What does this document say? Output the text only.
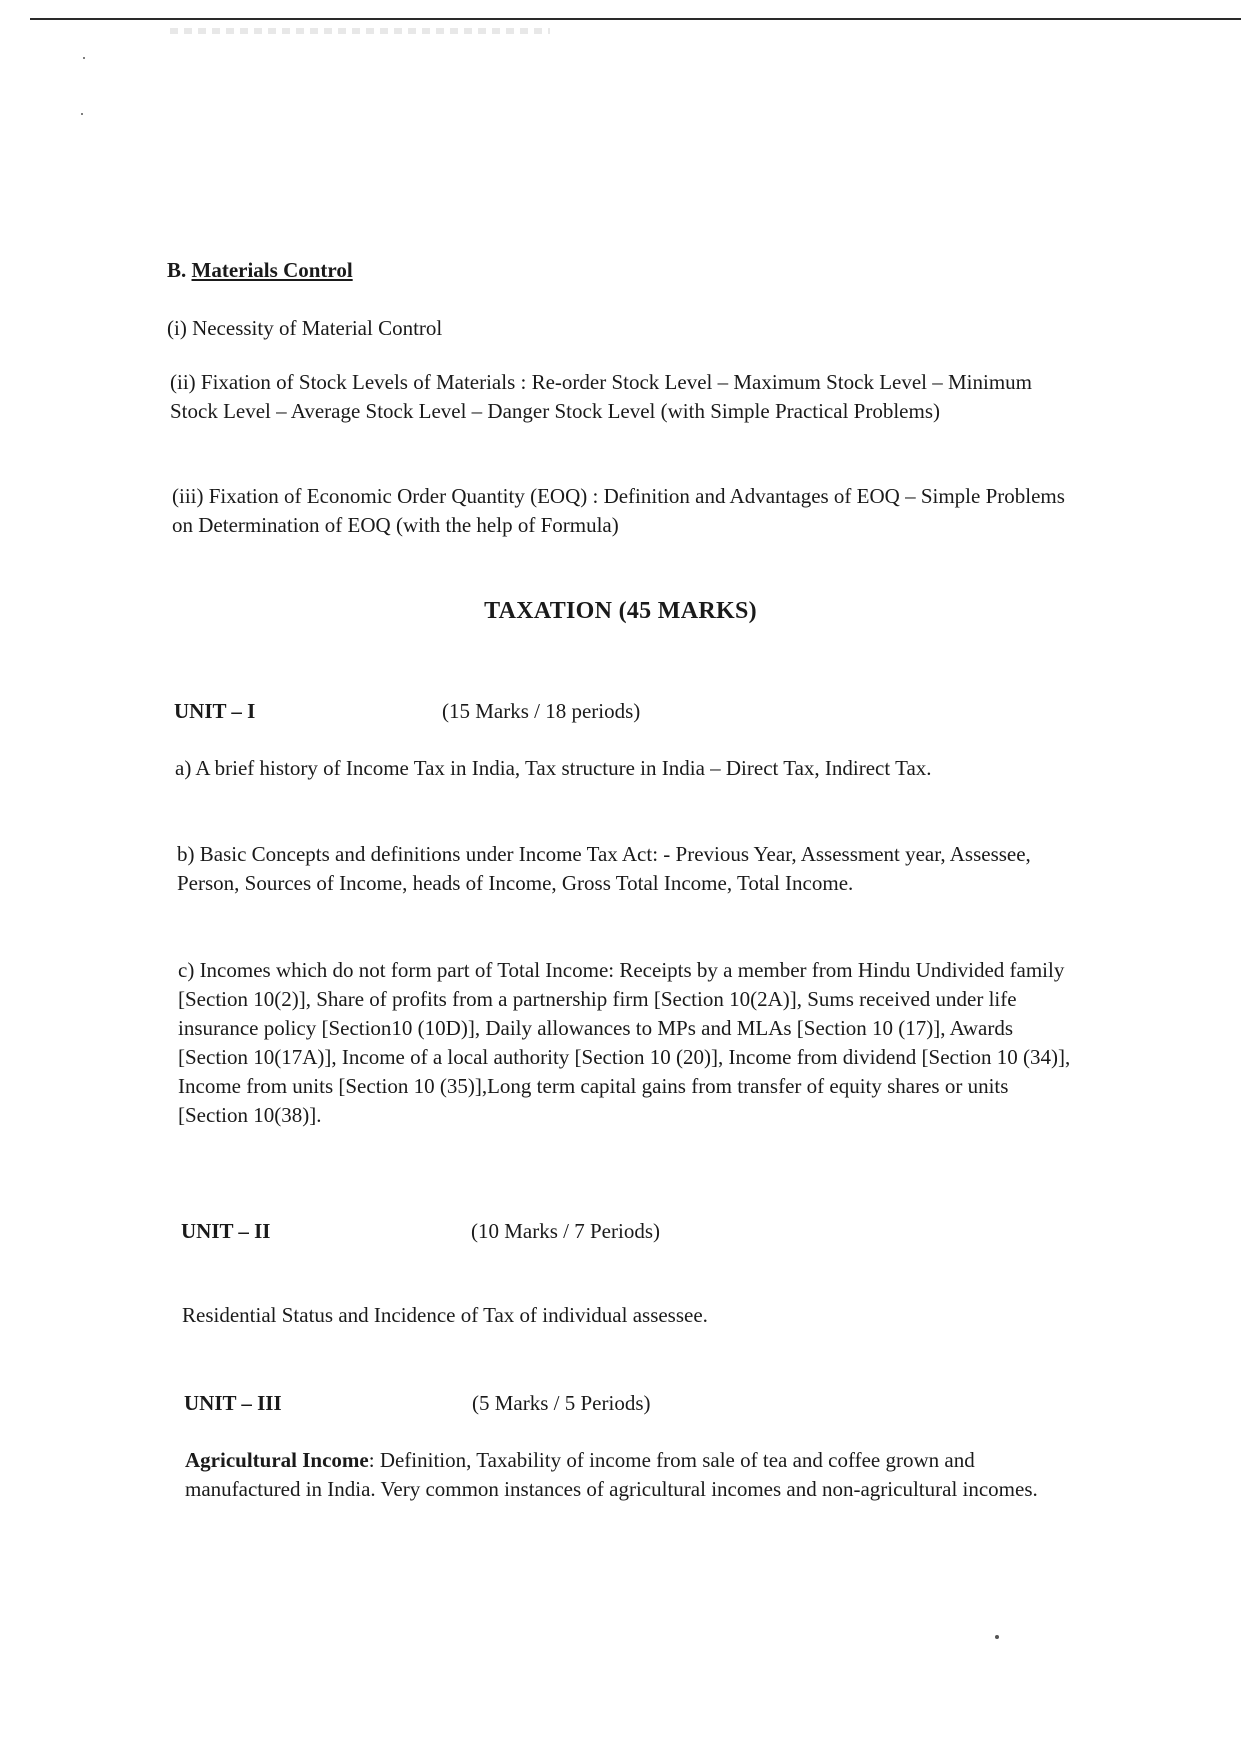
B. Materials Control
(i) Necessity of Material Control
(ii) Fixation of Stock Levels of Materials : Re-order Stock Level – Maximum Stock Level – Minimum Stock Level – Average Stock Level – Danger Stock Level (with Simple Practical Problems)
(iii) Fixation of Economic Order Quantity (EOQ) : Definition and Advantages of EOQ – Simple Problems on Determination of EOQ (with the help of Formula)
TAXATION (45 MARKS)
UNIT – I	(15 Marks / 18 periods)
a) A brief history of Income Tax in India, Tax structure in India – Direct Tax, Indirect Tax.
b) Basic Concepts and definitions under Income Tax Act: - Previous Year, Assessment year, Assessee, Person, Sources of Income, heads of Income, Gross Total Income, Total Income.
c) Incomes which do not form part of Total Income: Receipts by a member from Hindu Undivided family [Section 10(2)], Share of profits from a partnership firm [Section 10(2A)], Sums received under life insurance policy [Section10 (10D)], Daily allowances to MPs and MLAs [Section 10 (17)], Awards [Section 10(17A)], Income of a local authority [Section 10 (20)], Income from dividend [Section 10 (34)], Income from units [Section 10 (35)],Long term capital gains from transfer of equity shares or units [Section 10(38)].
UNIT – II	(10 Marks / 7 Periods)
Residential Status and Incidence of Tax of individual assessee.
UNIT – III	(5 Marks / 5 Periods)
Agricultural Income: Definition, Taxability of income from sale of tea and coffee grown and manufactured in India. Very common instances of agricultural incomes and non-agricultural incomes.
